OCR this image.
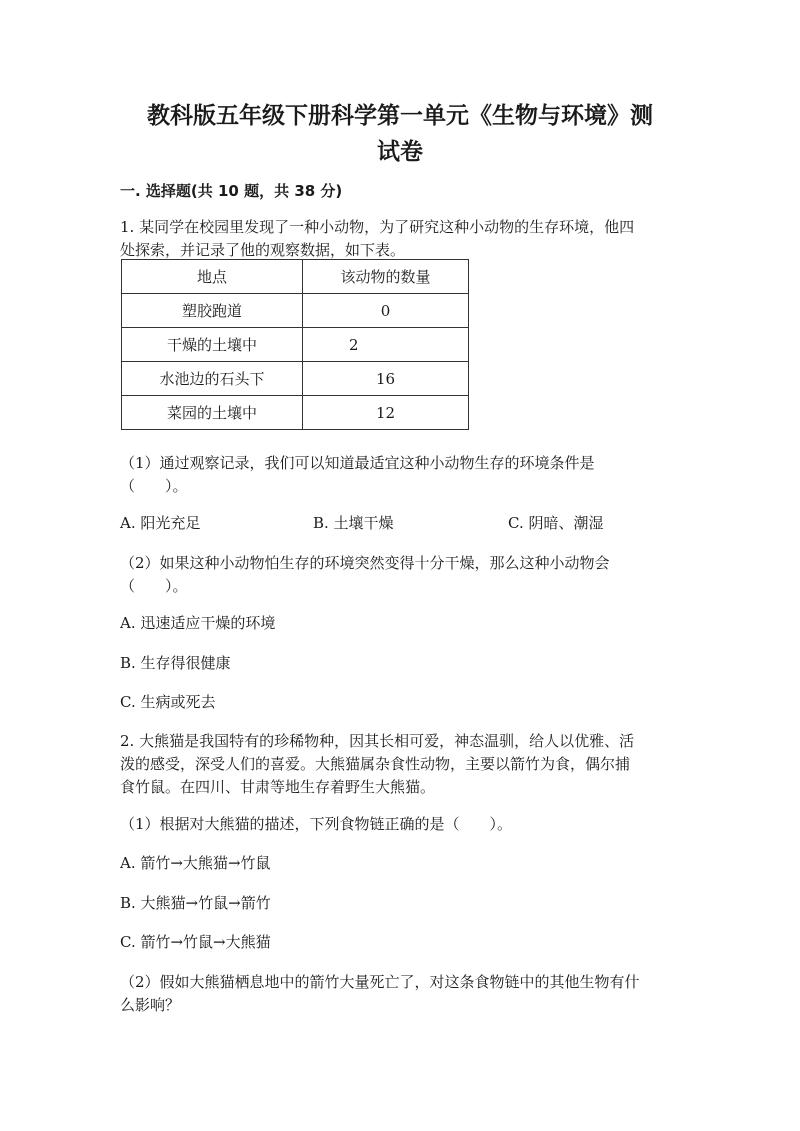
教科版五年级下册科学第一单元《生物与环境》测
试卷

一. 选择题(共 10 题，共 38 分)

1. 某同学在校园里发现了一种小动物，为了研究这种小动物的生存环境，他四
处探索，并记录了他的观察数据，如下表。

地点	该动物的数量
塑胶跑道	0
干燥的土壤中	2
水池边的石头下	16
菜园的土壤中	12

（1）通过观察记录，我们可以知道最适宜这种小动物生存的环境条件是
（　　）。

A. 阳光充足	B. 土壤干燥	C. 阴暗、潮湿

（2）如果这种小动物怕生存的环境突然变得十分干燥，那么这种小动物会
（　　）。

A. 迅速适应干燥的环境

B. 生存得很健康

C. 生病或死去

2. 大熊猫是我国特有的珍稀物种，因其长相可爱，神态温驯，给人以优雅、活
泼的感受，深受人们的喜爱。大熊猫属杂食性动物，主要以箭竹为食，偶尔捕
食竹鼠。在四川、甘肃等地生存着野生大熊猫。

（1）根据对大熊猫的描述，下列食物链正确的是（　　）。

A. 箭竹→大熊猫→竹鼠

B. 大熊猫→竹鼠→箭竹

C. 箭竹→竹鼠→大熊猫

（2）假如大熊猫栖息地中的箭竹大量死亡了，对这条食物链中的其他生物有什
么影响？
